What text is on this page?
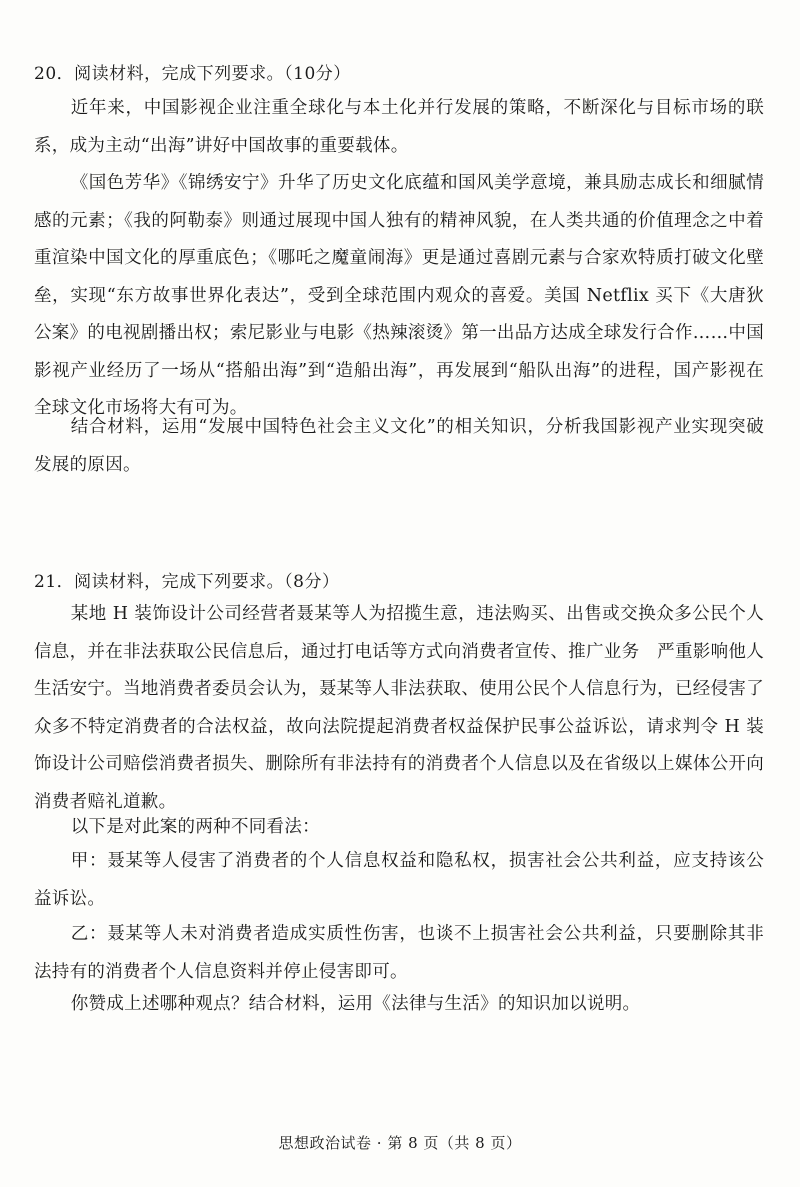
20．阅读材料，完成下列要求。（10分）
近年来，中国影视企业注重全球化与本土化并行发展的策略，不断深化与目标市场的联系，成为主动“出海”讲好中国故事的重要载体。
《国色芳华》《锦绣安宁》升华了历史文化底蕴和国风美学意境，兼具励志成长和细腻情感的元素；《我的阿勒泰》则通过展现中国人独有的精神风貌，在人类共通的价值理念之中着重渲染中国文化的厚重底色；《哪吒之魔童闹海》更是通过喜剧元素与合家欢特质打破文化壁垒，实现“东方故事世界化表达”，受到全球范围内观众的喜爱。美国 Netflix 买下《大唐狄公案》的电视剧播出权；索尼影业与电影《热辣滚烫》第一出品方达成全球发行合作……中国影视产业经历了一场从“搭船出海”到“造船出海”，再发展到“船队出海”的进程，国产影视在全球文化市场将大有可为。
结合材料，运用“发展中国特色社会主义文化”的相关知识，分析我国影视产业实现突破发展的原因。
21．阅读材料，完成下列要求。（8分）
某地 H 装饰设计公司经营者聂某等人为招揽生意，违法购买、出售或交换众多公民个人信息，并在非法获取公民信息后，通过打电话等方式向消费者宣传、推广业务　严重影响他人生活安宁。当地消费者委员会认为，聂某等人非法获取、使用公民个人信息行为，已经侵害了众多不特定消费者的合法权益，故向法院提起消费者权益保护民事公益诉讼，请求判令 H 装饰设计公司赔偿消费者损失、删除所有非法持有的消费者个人信息以及在省级以上媒体公开向消费者赔礼道歉。
以下是对此案的两种不同看法：
甲：聂某等人侵害了消费者的个人信息权益和隐私权，损害社会公共利益，应支持该公益诉讼。
乙：聂某等人未对消费者造成实质性伤害，也谈不上损害社会公共利益，只要删除其非法持有的消费者个人信息资料并停止侵害即可。
你赞成上述哪种观点？结合材料，运用《法律与生活》的知识加以说明。
思想政治试卷 · 第 8 页（共 8 页）
